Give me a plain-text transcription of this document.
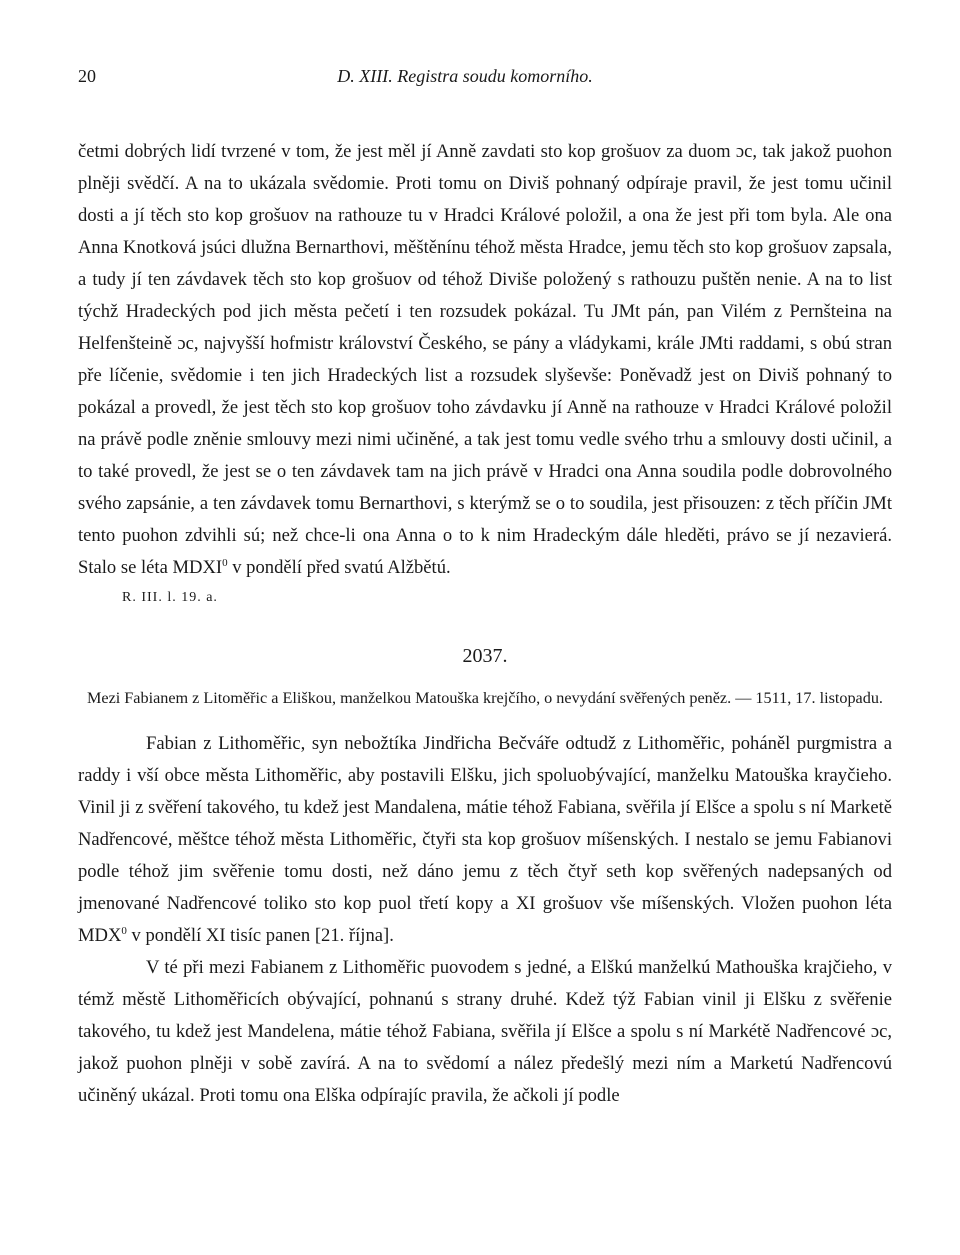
20	D. XIII. Registra soudu komorního.

četmi dobrých lidí tvrzené v tom, že jest měl jí Anně zavdati sto kop grošuov za duom ɔc, tak jakož puohon plněji svědčí. A na to ukázala svědomie. Proti tomu on Diviš pohnaný odpíraje pravil, že jest tomu učinil dosti a jí těch sto kop grošuov na rathouze tu v Hradci Králové položil, a ona že jest při tom byla. Ale ona Anna Knotková jsúci dlužna Bernarthovi, měštěnínu téhož města Hradce, jemu těch sto kop grošuov zapsala, a tudy jí ten závdavek těch sto kop grošuov od téhož Diviše položený s rathouzu puštěn nenie. A na to list týchž Hradeckých pod jich města pečetí i ten rozsudek pokázal. Tu JMt pán, pan Vilém z Pernšteina na Helfenšteině ɔc, najvyšší hofmistr království Českého, se pány a vládykami, krále JMti raddami, s obú stran pře líčenie, svědomie i ten jich Hradeckých list a rozsudek slyševše: Poněvadž jest on Diviš pohnaný to pokázal a provedl, že jest těch sto kop grošuov toho závdavku jí Anně na rathouze v Hradci Králové položil na právě podle zněnie smlouvy mezi nimi učiněné, a tak jest tomu vedle svého trhu a smlouvy dosti učinil, a to také provedl, že jest se o ten závdavek tam na jich právě v Hradci ona Anna soudila podle dobrovolného svého zapsánie, a ten závdavek tomu Bernarthovi, s kterýmž se o to soudila, jest přisouzen: z těch příčin JMt tento puohon zdvihli sú; než chce-li ona Anna o to k nim Hradeckým dále hleděti, právo se jí nezavierá. Stalo se léta MDXI$^0$ v pondělí před svatú Alžbětú.

R. III. l. 19. a.
2037.
Mezi Fabianem z Litoměřic a Eliškou, manželkou Matouška krejčího, o nevydání svěřených peněz. — 1511, 17. listopadu.

Fabian z Lithoměřic, syn nebožtíka Jindřicha Bečváře odtudž z Lithoměřic, poháněl purgmistra a raddy i vší obce města Lithoměřic, aby postavili Elšku, jich spoluobývající, manželku Matouška krayčieho. Vinil ji z svěření takového, tu kdež jest Mandalena, mátie téhož Fabiana, svěřila jí Elšce a spolu s ní Marketě Nadřencové, měštce téhož města Lithoměřic, čtyři sta kop grošuov míšenských. I nestalo se jemu Fabianovi podle téhož jim svěřenie tomu dosti, než dáno jemu z těch čtyř seth kop svěřených nadepsaných od jmenované Nadřencové toliko sto kop puol třetí kopy a XI grošuov vše míšenských. Vložen puohon léta MDX$^0$ v pondělí XI tisíc panen [21. října].

V té při mezi Fabianem z Lithoměřic puovodem s jedné, a Elškú manželkú Mathouška krajčieho, v témž městě Lithoměřicích obývající, pohnanú s strany druhé. Kdež týž Fabian vinil ji Elšku z svěřenie takového, tu kdež jest Mandelena, mátie téhož Fabiana, svěřila jí Elšce a spolu s ní Markétě Nadřencové ɔc, jakož puohon plněji v sobě zavírá. A na to svědomí a nález předešlý mezi ním a Marketú Nadřencovú učiněný ukázal. Proti tomu ona Elška odpírajíc pravila, že ačkoli jí podle
